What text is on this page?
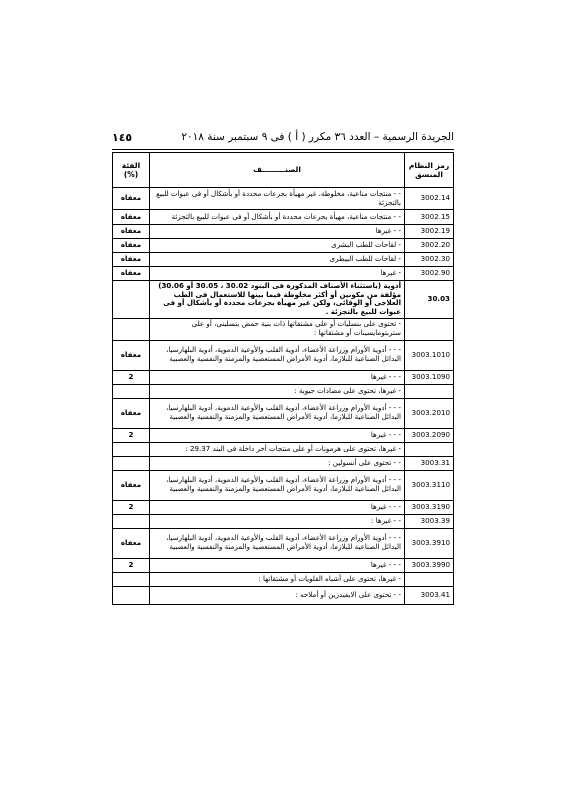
الجريدة الرسمية – العدد ٣٦ مكرر ( أ ) فى ٩ سبتمبر سنة ٢٠١٨
١٤٥
رمز النظام المنسق	الصنـــــــــف	الفئة (%)
3002.14	- - منتجات مناعية، مخلوطة، غير مهيأة بجرعات محددة أو بأشكال أو فى عبوات للبيع بالتجزئة	معفاه
3002.15	- - منتجات مناعية، مهيأة بجرعات محددة أو بأشكال أو فى عبوات للبيع بالتجزئة	معفاه
3002.19	- - غيرها	معفاه
3002.20	- لقاحات للطب البشرى	معفاه
3002.30	- لقاحات للطب البيطرى	معفاه
3002.90	- غيرها	معفاه
30.03	أدوية (باستثناء الأصناف المذكورة فى البنود 30.02 ، 30.05 أو 30.06) مؤلفة من مكونين أو أكثر مخلوطة فيما بينها للاستعمال فى الطب العلاجى أو الوقائى، ولكن غير مهيأة بجرعات محددة أو بأشكال أو فى عبوات للبيع بالتجزئة .	
	- تحتوى على بنسليات أو على مشتقاتها ذات بنية حمض بنسلينى، أو على ستربتومايسينات أو مشتقاتها :	
3003.1010	- - - أدوية الأورام وزراعة الأعضاء، أدوية القلب والأوعية الدموية، أدوية البلهارسيا، البدائل الصناعية للبلازما، أدوية الأمراض المستعصية والمزمنة والنفسية والعصبية	معفاه
3003.1090	- - - غيرها	2
	- غيرها، تحتوى على مضادات حيوية :	
3003.2010	- - - أدوية الأورام وزراعة الأعضاء، أدوية القلب والأوعية الدموية، أدوية البلهارسيا، البدائل الصناعية للبلازما، أدوية الأمراض المستعصية والمزمنة والنفسية والعصبية	معفاه
3003.2090	- - - غيرها	2
	- غيرها، تحتوى على هرمونات أو على منتجات أخر داخلة فى البند 29.37 :	
3003.31	- - تحتوى على أنسولين :	
3003.3110	- - - أدوية الأورام وزراعة الأعضاء، أدوية القلب والأوعية الدموية، أدوية البلهارسيا، البدائل الصناعية للبلازما، أدوية الأمراض المستعصية والمزمنة والنفسية والعصبية	معفاه
3003.3190	- - - غيرها	2
3003.39	- - غيرها :	
3003.3910	- - - أدوية الأورام وزراعة الأعضاء، أدوية القلب والأوعية الدموية، أدوية البلهارسيا، البدائل الصناعية للبلازما، أدوية الأمراض المستعصية والمزمنة والنفسية والعصبية	معفاه
3003.3990	- - - غيرها	2
	- غيرها، تحتوى على أشباه القلويات أو مشتقاتها :	
3003.41	- - تحتوى على الايفيدرين أو أملاحه :	
